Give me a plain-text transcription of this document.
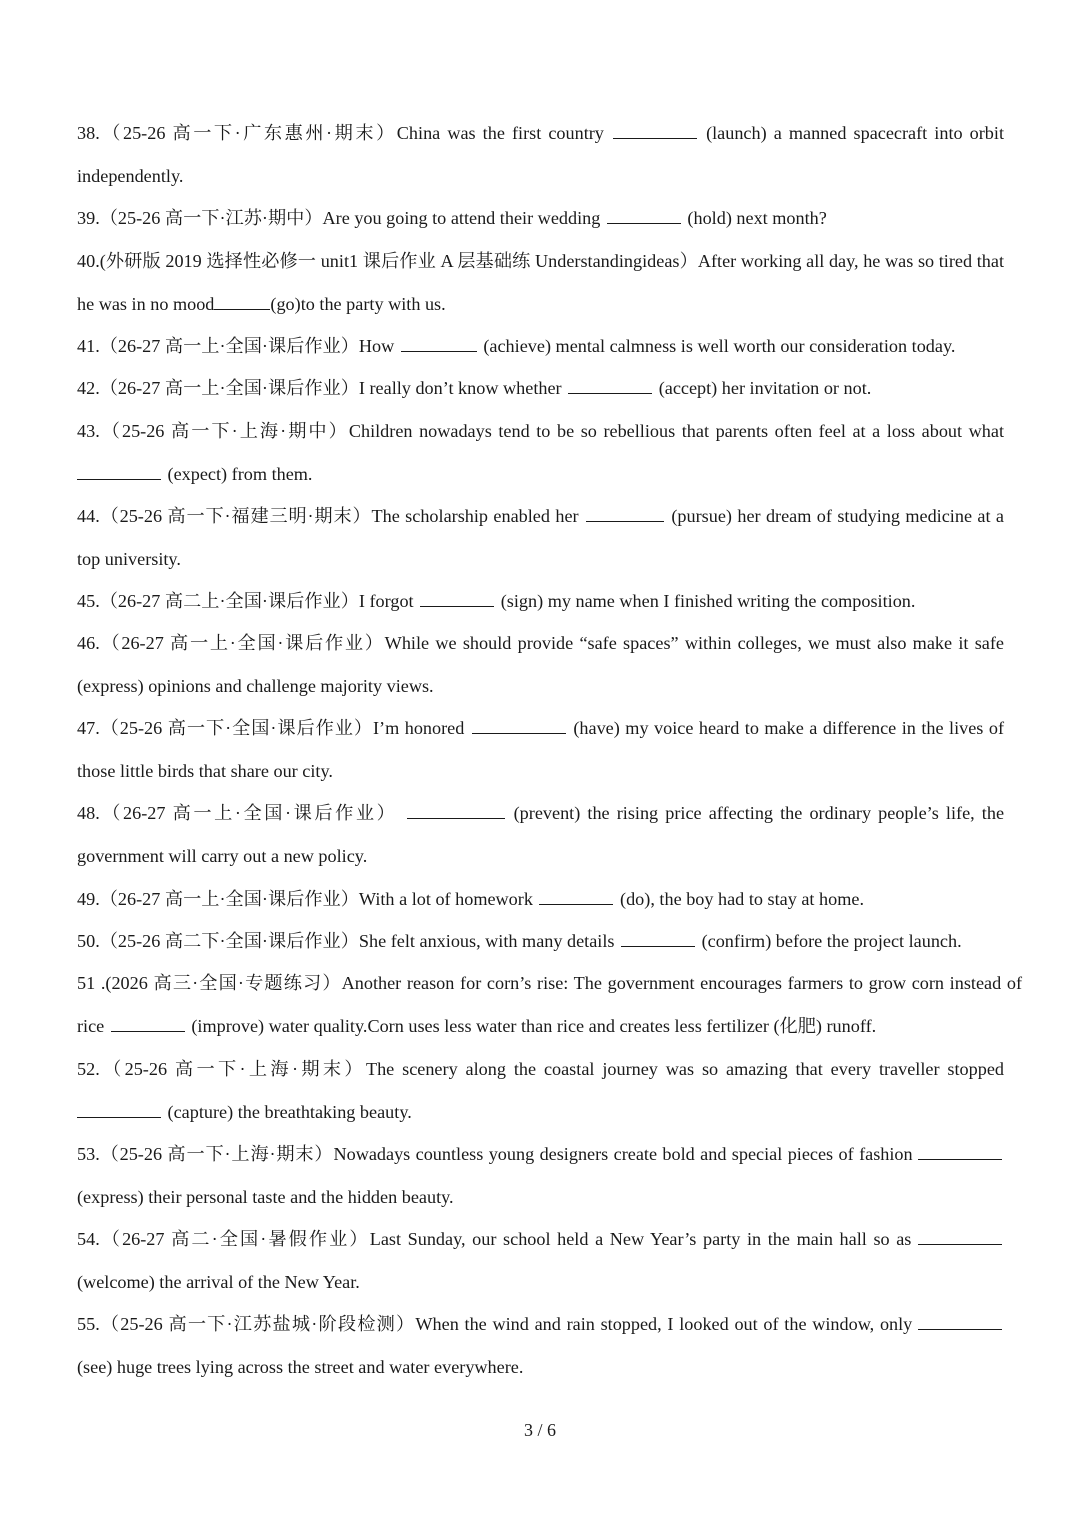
38.（25-26 高一下·广东惠州·期末）China was the first country	(launch) a manned spacecraft into orbit independently.

39.（25-26 高一下·江苏·期中）Are you going to attend their wedding	(hold) next month?

40.(外研版 2019 选择性必修一 unit1 课后作业 A 层基础练 Understandingideas）After working all day, he was so tired that he was in no mood	(go)to the party with us.

41.（26-27 高一上·全国·课后作业）How	(achieve) mental calmness is well worth our consideration today.

42.（26-27 高一上·全国·课后作业）I really don’t know whether	(accept) her invitation or not.

43.（25-26 高一下·上海·期中）Children nowadays tend to be so rebellious that parents often feel at a loss about what  (expect) from them.

44.（25-26 高一下·福建三明·期末）The scholarship enabled her	(pursue) her dream of studying medicine at a top university.

45.（26-27 高二上·全国·课后作业）I forgot	(sign) my name when I finished writing the composition.

46.（26-27 高一上·全国·课后作业）While we should provide “safe spaces” within colleges, we must also make it safe (express) opinions and challenge majority views.

47.（25-26 高一下·全国·课后作业）I’m honored	(have) my voice heard to make a difference in the lives of those little birds that share our city.

48.（26-27 高一上·全国·课后作业）	(prevent) the rising price affecting the ordinary people’s life, the government will carry out a new policy.

49.（26-27 高一上·全国·课后作业）With a lot of homework	(do), the boy had to stay at home.

50.（25-26 高二下·全国·课后作业）She felt anxious, with many details	(confirm) before the project launch.

51 .(2026 高三·全国·专题练习）Another reason for corn’s rise: The government encourages farmers to grow corn instead of rice	(improve) water quality.Corn uses less water than rice and creates less fertilizer (化肥) runoff.

52.（25-26 高一下·上海·期末）The scenery along the coastal journey was so amazing that every traveller stopped  (capture) the breathtaking beauty.

53.（25-26 高一下·上海·期末）Nowadays countless young designers create bold and special pieces of fashion  (express) their personal taste and the hidden beauty.

54.（26-27 高二·全国·暑假作业）Last Sunday, our school held a New Year’s party in the main hall so as  (welcome) the arrival of the New Year.

55.（25-26 高一下·江苏盐城·阶段检测）When the wind and rain stopped, I looked out of the window, only  (see) huge trees lying across the street and water everywhere.

3 / 6
